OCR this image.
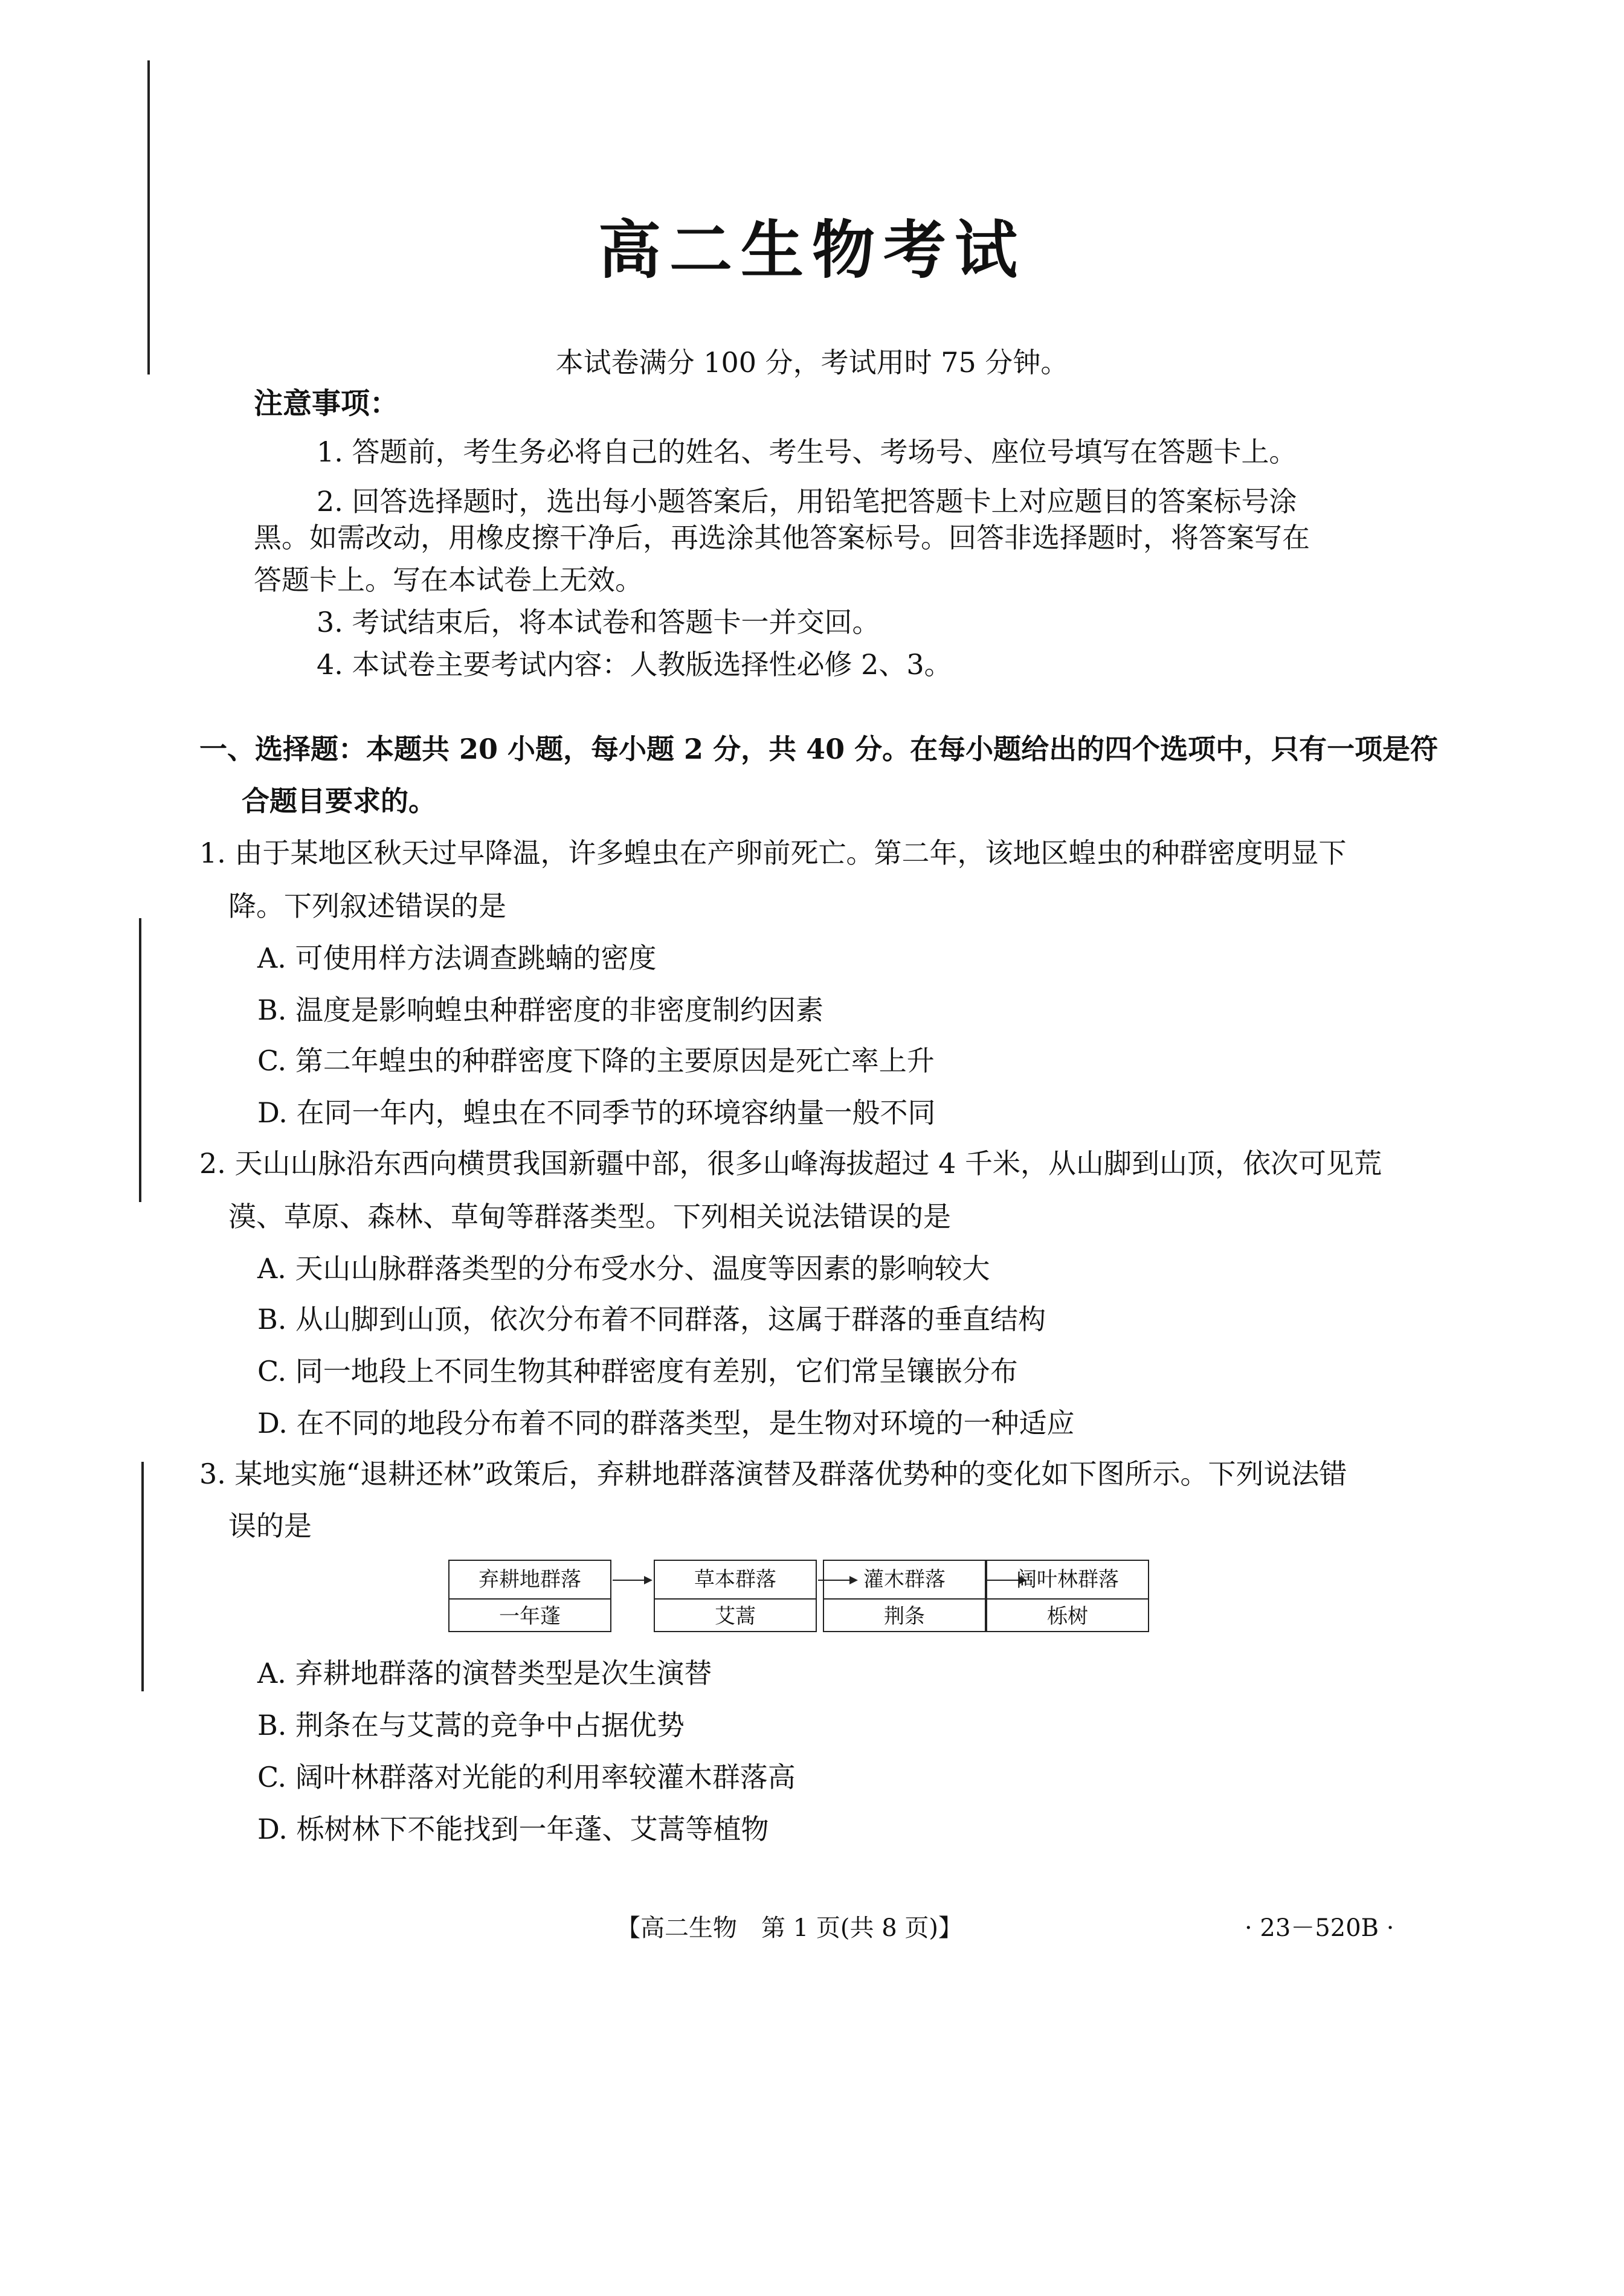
高二生物考试
本试卷满分 100 分，考试用时 75 分钟。
注意事项：
1. 答题前，考生务必将自己的姓名、考生号、考场号、座位号填写在答题卡上。
2. 回答选择题时，选出每小题答案后，用铅笔把答题卡上对应题目的答案标号涂
黑。如需改动，用橡皮擦干净后，再选涂其他答案标号。回答非选择题时，将答案写在
答题卡上。写在本试卷上无效。
3. 考试结束后，将本试卷和答题卡一并交回。
4. 本试卷主要考试内容：人教版选择性必修 2、3。
一、选择题：本题共 20 小题，每小题 2 分，共 40 分。在每小题给出的四个选项中，只有一项是符
合题目要求的。
1. 由于某地区秋天过早降温，许多蝗虫在产卵前死亡。第二年，该地区蝗虫的种群密度明显下
降。下列叙述错误的是
A. 可使用样方法调查跳蝻的密度
B. 温度是影响蝗虫种群密度的非密度制约因素
C. 第二年蝗虫的种群密度下降的主要原因是死亡率上升
D. 在同一年内，蝗虫在不同季节的环境容纳量一般不同
2. 天山山脉沿东西向横贯我国新疆中部，很多山峰海拔超过 4 千米，从山脚到山顶，依次可见荒
漠、草原、森林、草甸等群落类型。下列相关说法错误的是
A. 天山山脉群落类型的分布受水分、温度等因素的影响较大
B. 从山脚到山顶，依次分布着不同群落，这属于群落的垂直结构
C. 同一地段上不同生物其种群密度有差别，它们常呈镶嵌分布
D. 在不同的地段分布着不同的群落类型，是生物对环境的一种适应
3. 某地实施“退耕还林”政策后，弃耕地群落演替及群落优势种的变化如下图所示。下列说法错
误的是
弃耕地群落
一年蓬
草本群落
艾蒿
灌木群落
荆条
阔叶林群落
栎树
A. 弃耕地群落的演替类型是次生演替
B. 荆条在与艾蒿的竞争中占据优势
C. 阔叶林群落对光能的利用率较灌木群落高
D. 栎树林下不能找到一年蓬、艾蒿等植物
【高二生物　第 1 页(共 8 页)】	· 23－520B ·
